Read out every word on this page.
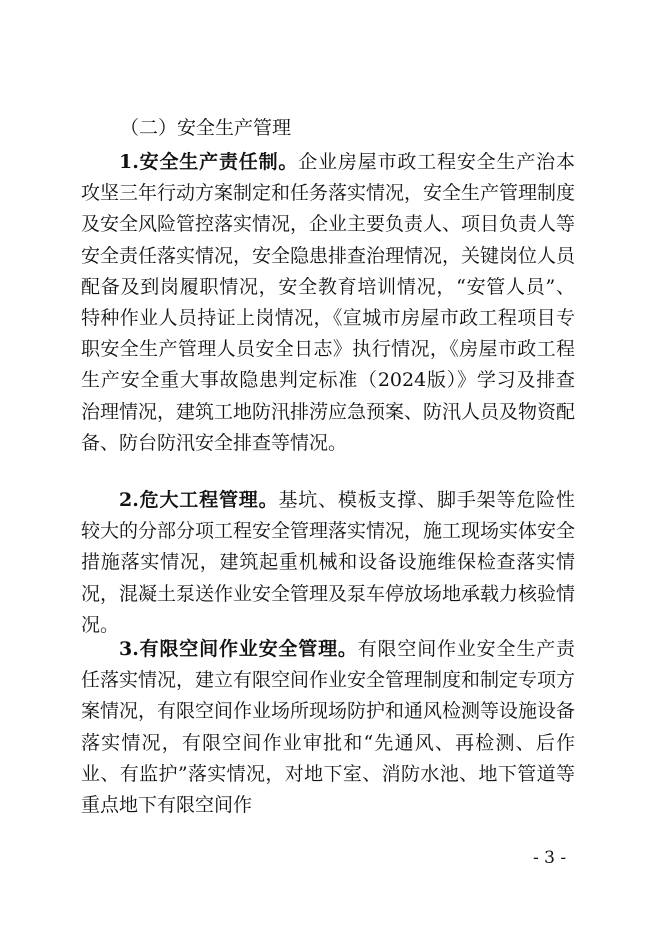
（二）安全生产管理
1.安全生产责任制。企业房屋市政工程安全生产治本攻坚三年行动方案制定和任务落实情况，安全生产管理制度及安全风险管控落实情况，企业主要负责人、项目负责人等安全责任落实情况，安全隐患排查治理情况，关键岗位人员配备及到岗履职情况，安全教育培训情况，“安管人员”、特种作业人员持证上岗情况，《宣城市房屋市政工程项目专职安全生产管理人员安全日志》执行情况，《房屋市政工程生产安全重大事故隐患判定标准（2024版）》学习及排查治理情况，建筑工地防汛排涝应急预案、防汛人员及物资配备、防台防汛安全排查等情况。
2.危大工程管理。基坑、模板支撑、脚手架等危险性较大的分部分项工程安全管理落实情况，施工现场实体安全措施落实情况，建筑起重机械和设备设施维保检查落实情况，混凝土泵送作业安全管理及泵车停放场地承载力核验情况。
3.有限空间作业安全管理。有限空间作业安全生产责任落实情况，建立有限空间作业安全管理制度和制定专项方案情况，有限空间作业场所现场防护和通风检测等设施设备落实情况，有限空间作业审批和“先通风、再检测、后作业、有监护”落实情况，对地下室、消防水池、地下管道等重点地下有限空间作
- 3 -
